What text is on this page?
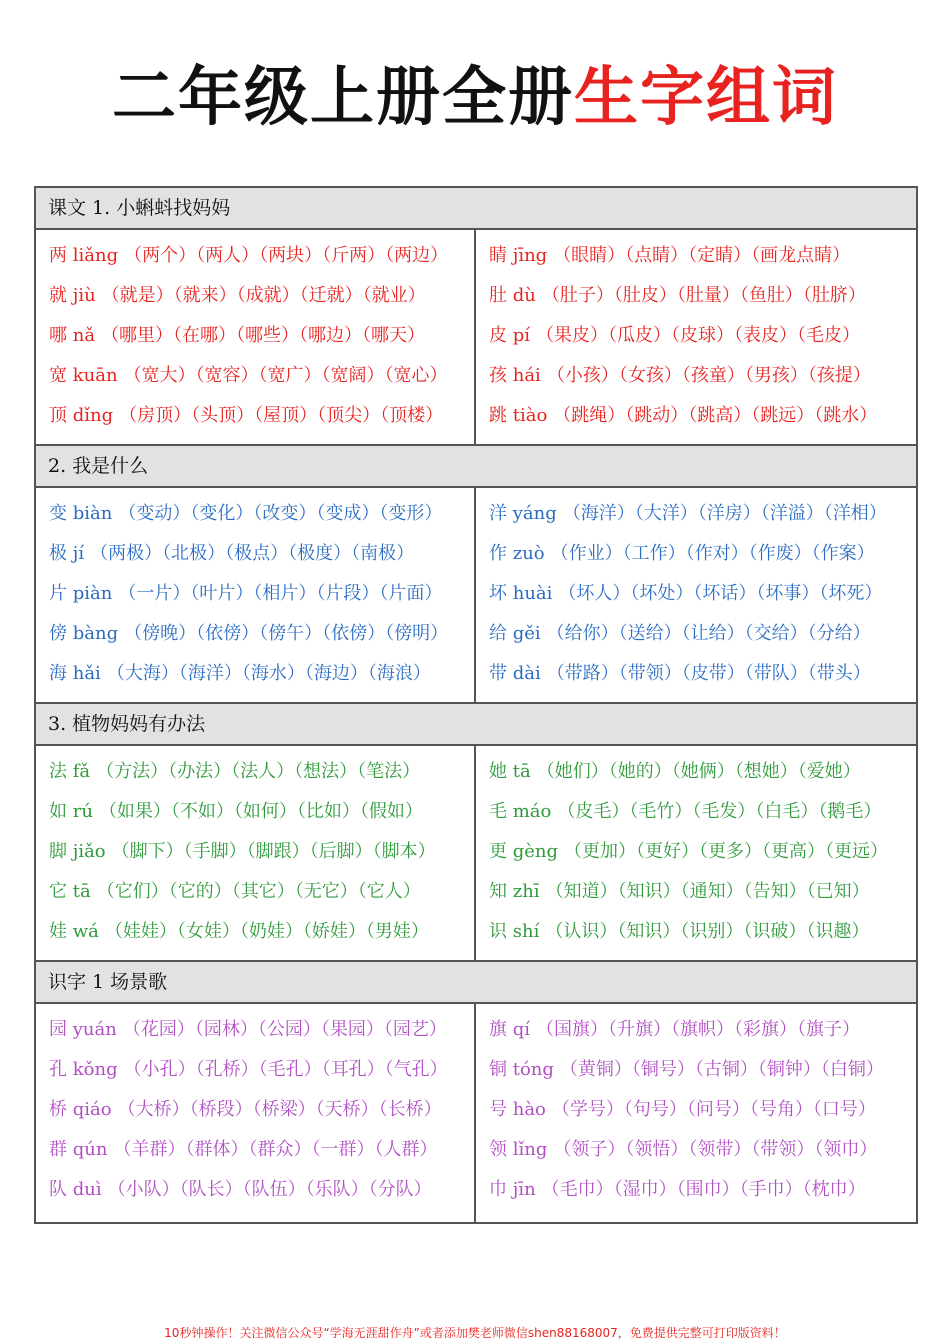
二年级上册全册生字组词
课文 1. 小蝌蚪找妈妈
两 liǎng （两个）（两人）（两块）（斤两）（两边）
就 jiù （就是）（就来）（成就）（迁就）（就业）
哪 nǎ （哪里）（在哪）（哪些）（哪边）（哪天）
宽 kuān （宽大）（宽容）（宽广）（宽阔）（宽心）
顶 dǐng （房顶）（头顶）（屋顶）（顶尖）（顶楼）
睛 jīng （眼睛）（点睛）（定睛）（画龙点睛）
肚 dù （肚子）（肚皮）（肚量）（鱼肚）（肚脐）
皮 pí （果皮）（瓜皮）（皮球）（表皮）（毛皮）
孩 hái （小孩）（女孩）（孩童）（男孩）（孩提）
跳 tiào （跳绳）（跳动）（跳高）（跳远）（跳水）
2. 我是什么
变 biàn （变动）（变化）（改变）（变成）（变形）
极 jí （两极）（北极）（极点）（极度）（南极）
片 piàn （一片）（叶片）（相片）（片段）（片面）
傍 bàng （傍晚）（依傍）（傍午）（依傍）（傍明）
海 hǎi （大海）（海洋）（海水）（海边）（海浪）
洋 yáng （海洋）（大洋）（洋房）（洋溢）（洋相）
作 zuò （作业）（工作）（作对）（作废）（作案）
坏 huài （坏人）（坏处）（坏话）（坏事）（坏死）
给 gěi （给你）（送给）（让给）（交给）（分给）
带 dài （带路）（带领）（皮带）（带队）（带头）
3. 植物妈妈有办法
法 fǎ （方法）（办法）（法人）（想法）（笔法）
如 rú （如果）（不如）（如何）（比如）（假如）
脚 jiǎo （脚下）（手脚）（脚跟）（后脚）（脚本）
它 tā （它们）（它的）（其它）（无它）（它人）
娃 wá （娃娃）（女娃）（奶娃）（娇娃）（男娃）
她 tā （她们）（她的）（她俩）（想她）（爱她）
毛 máo （皮毛）（毛竹）（毛发）（白毛）（鹅毛）
更 gèng （更加）（更好）（更多）（更高）（更远）
知 zhī （知道）（知识）（通知）（告知）（已知）
识 shí （认识）（知识）（识别）（识破）（识趣）
识字 1 场景歌
园 yuán （花园）（园林）（公园）（果园）（园艺）
孔 kǒng （小孔）（孔桥）（毛孔）（耳孔）（气孔）
桥 qiáo （大桥）（桥段）（桥梁）（天桥）（长桥）
群 qún （羊群）（群体）（群众）（一群）（人群）
队 duì （小队）（队长）（队伍）（乐队）（分队）
旗 qí （国旗）（升旗）（旗帜）（彩旗）（旗子）
铜 tóng （黄铜）（铜号）（古铜）（铜钟）（白铜）
号 hào （学号）（句号）（问号）（号角）（口号）
领 lǐng （领子）（领悟）（领带）（带领）（领巾）
巾 jīn （毛巾）（湿巾）（围巾）（手巾）（枕巾）
10秒钟操作！关注微信公众号“学海无涯甜作舟”或者添加樊老师微信shen88168007，免费提供完整可打印版资料！
